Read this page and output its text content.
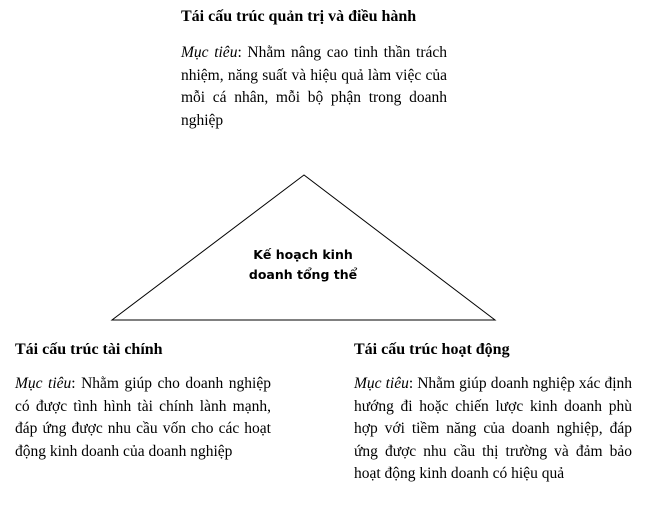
Tái cấu trúc quản trị và điều hành

Mục tiêu: Nhằm nâng cao tinh thần trách nhiệm, năng suất và hiệu quả làm việc của mỗi cá nhân, mỗi bộ phận trong doanh nghiệp

Kế hoạch kinh
doanh tổng thể

Tái cấu trúc tài chính

Mục tiêu: Nhằm giúp cho doanh nghiệp có được tình hình tài chính lành mạnh, đáp ứng được nhu cầu vốn cho các hoạt động kinh doanh của doanh nghiệp

Tái cấu trúc hoạt động

Mục tiêu: Nhằm giúp doanh nghiệp xác định hướng đi hoặc chiến lược kinh doanh phù hợp với tiềm năng của doanh nghiệp, đáp ứng được nhu cầu thị trường và đảm bảo hoạt động kinh doanh có hiệu quả
